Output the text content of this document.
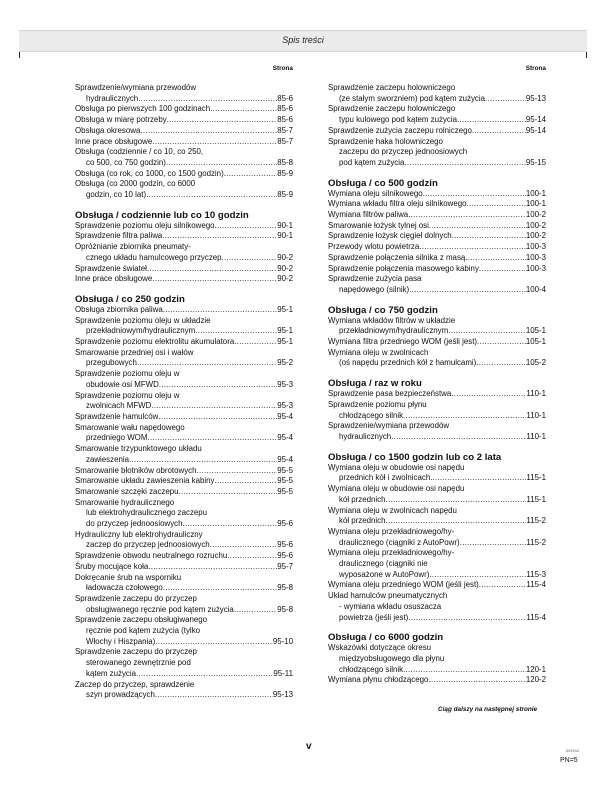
Spis treści
Strona
Sprawdzenie/wymiana przewodów
hydraulicznych .....	85-6
Obsługa po pierwszych 100 godzinach .....	85-6
Obsługa w miarę potrzeby .....	85-6
Obsługa okresowa .....	85-7
Inne prace obsługowe .....	85-7
Obsługa (codziennie / co 10, co 250,
co 500, co 750 godzin) .....	85-8
Obsługa (co rok, co 1000, co 1500 godzin) .....	85-9
Obsługa (co 2000 godzin, co 6000
godzin, co 10 lat) .....	85-9
Obsługa / codziennie lub co 10 godzin
Sprawdzenie poziomu oleju silnikowego .....	90-1
Sprawdzenie filtra paliwa .....	90-1
Opróżnianie zbiornika pneumaty-
cznego układu hamulcowego przyczep .....	90-2
Sprawdzenie świateł .....	90-2
Inne prace obsługowe .....	90-2
Obsługa / co 250 godzin
Obsługa zbiornika paliwa .....	95-1
Sprawdzenie poziomu oleju w układzie
przekładniowym/hydraulicznym .....	95-1
Sprawdzenie poziomu elektrolitu akumulatora .....	95-1
Smarowanie przedniej osi i wałów
przegubowych .....	95-2
Sprawdzenie poziomu oleju w
obudowie osi MFWD .....	95-3
Sprawdzenie poziomu oleju w
zwolnicach MFWD .....	95-3
Sprawdzenie hamulców .....	95-4
Smarowanie wału napędowego
przedniego WOM .....	95-4
Smarowanie trzypunktowego układu
zawieszenia .....	95-4
Smarowanie błotników obrotowych .....	95-5
Smarowanie układu zawieszenia kabiny .....	95-5
Smarowanie szczęki zaczepu .....	95-5
Smarowanie hydraulicznego
lub elektrohydraulicznego zaczepu
do przyczep jednoosiowych .....	95-6
Hydrauliczny lub elektrohydrauliczny
zaczep do przyczep jednoosiowych .....	95-6
Sprawdzenie obwodu neutralnego rozruchu .....	95-6
Śruby mocujące koła .....	95-7
Dokręcanie śrub na wsporniku
ładowacza czołowego .....	95-8
Sprawdzenie zaczepu do przyczep
obsługiwanego ręcznie pod kątem zużycia .....	95-8
Sprawdzenie zaczepu obsługiwanego
ręcznie pod kątem zużycia (tylko
Włochy i Hiszpania) .....	95-10
Sprawdzenie zaczepu do przyczep
sterowanego zewnętrznie pod
kątem zużycia .....	95-11
Zaczep do przyczep, sprawdzenie
szyn prowadzących .....	95-13
Strona
Sprawdzenie zaczepu holowniczego
(ze stałym sworzniem) pod kątem zużycia .....	95-13
Sprawdzenie zaczepu holowniczego
typu kulowego pod kątem zużycia .....	95-14
Sprawdzenie zużycia zaczepu rolniczego .....	95-14
Sprawdzenie haka holowniczego
zaczepu do przyczep jednoosiowych
pod kątem zużycia .....	95-15
Obsługa / co 500 godzin
Wymiana oleju silnikowego .....	100-1
Wymiana wkładu filtra oleju silnikowego .....	100-1
Wymiana filtrów paliwa .....	100-2
Smarowanie łożysk tylnej osi .....	100-2
Sprawdzenie łożysk cięgieł dolnych .....	100-2
Przewody wlotu powietrza .....	100-3
Sprawdzenie połączenia silnika z masą .....	100-3
Sprawdzenie połączenia masowego kabiny .....	100-3
Sprawdzenie zużycia pasa
napędowego (silnik) .....	100-4
Obsługa / co 750 godzin
Wymiana wkładów filtrów w układzie
przekładniowym/hydraulicznym .....	105-1
Wymiana filtra przedniego WOM (jeśli jest) .....	105-1
Wymiana oleju w zwolnicach
(oś napędu przednich kół z hamulcami) .....	105-2
Obsługa / raz w roku
Sprawdzenie pasa bezpieczeństwa .....	110-1
Sprawdzenie poziomu płynu
chłodzącego silnik .....	110-1
Sprawdzenie/wymiana przewodów
hydraulicznych .....	110-1
Obsługa / co 1500 godzin lub co 2 lata
Wymiana oleju w obudowie osi napędu
przednich kół i zwolnicach. .....	115-1
Wymiana oleju w obudowie osi napędu
kół przednich .....	115-1
Wymiana oleju w zwolnicach napędu
kół przednich .....	115-2
Wymiana oleju przekładniowego/hy-
draulicznego (ciągniki z AutoPowr) .....	115-2
Wymiana oleju przekładniowego/hy-
draulicznego (ciągniki nie
wyposażone w AutoPowr) .....	115-3
Wymiana oleju przedniego WOM (jeśli jest) .....	115-4
Układ hamulców pneumatycznych
- wymiana wkładu osuszacza
powietrza (jeśli jest) .....	115-4
Obsługa / co 6000 godzin
Wskazówki dotyczące okresu
międzyobsługowego dla płynu
chłodzącego silnik .....	120-1
Wymiana płynu chłodzącego .....	120-2
Ciąg dalszy na następnej stronie
v	091012
PN=5
